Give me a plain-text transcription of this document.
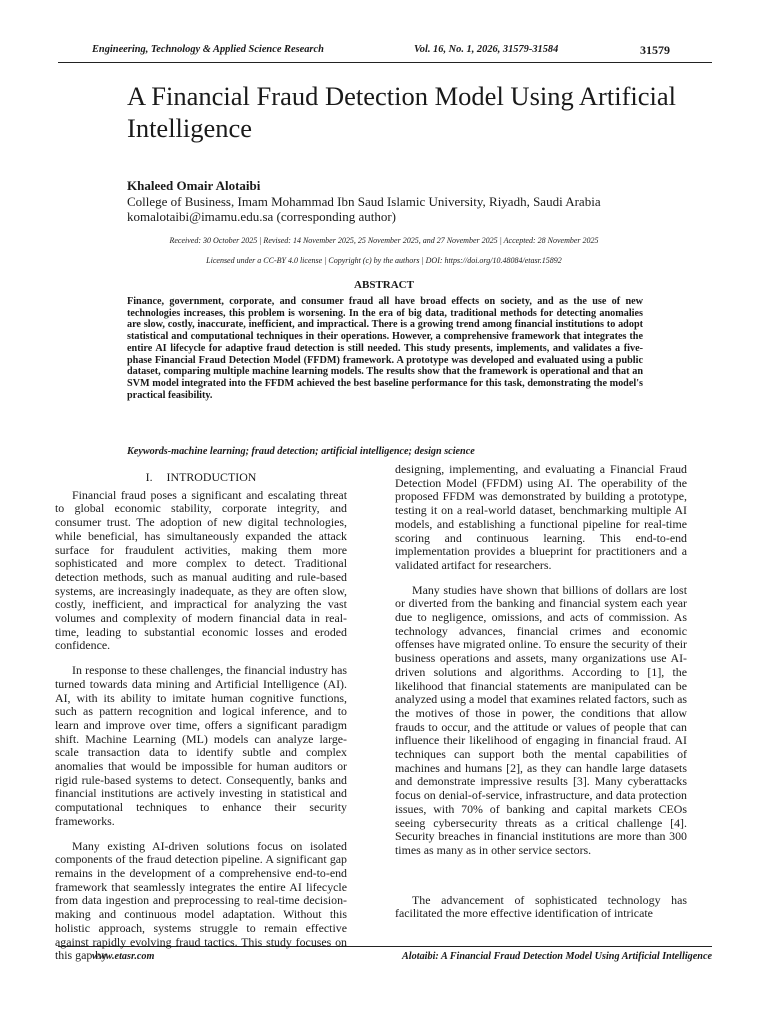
Engineering, Technology & Applied Science Research	Vol. 16, No. 1, 2026, 31579-31584	31579
A Financial Fraud Detection Model Using Artificial Intelligence
Khaleed Omair Alotaibi
College of Business, Imam Mohammad Ibn Saud Islamic University, Riyadh, Saudi Arabia
komalotaibi@imamu.edu.sa (corresponding author)
Received: 30 October 2025 | Revised: 14 November 2025, 25 November 2025, and 27 November 2025 | Accepted: 28 November 2025
Licensed under a CC-BY 4.0 license | Copyright (c) by the authors | DOI: https://doi.org/10.48084/etasr.15892
ABSTRACT

Finance, government, corporate, and consumer fraud all have broad effects on society, and as the use of new technologies increases, this problem is worsening. In the era of big data, traditional methods for detecting anomalies are slow, costly, inaccurate, inefficient, and impractical. There is a growing trend among financial institutions to adopt statistical and computational techniques in their operations. However, a comprehensive framework that integrates the entire AI lifecycle for adaptive fraud detection is still needed. This study presents, implements, and validates a five-phase Financial Fraud Detection Model (FFDM) framework. A prototype was developed and evaluated using a public dataset, comparing multiple machine learning models. The results show that the framework is operational and that an SVM model integrated into the FFDM achieved the best baseline performance for this task, demonstrating the model's practical feasibility.

Keywords-machine learning; fraud detection; artificial intelligence; design science

I. INTRODUCTION

Financial fraud poses a significant and escalating threat to global economic stability, corporate integrity, and consumer trust. The adoption of new digital technologies, while beneficial, has simultaneously expanded the attack surface for fraudulent activities, making them more sophisticated and more complex to detect. Traditional detection methods, such as manual auditing and rule-based systems, are increasingly inadequate, as they are often slow, costly, inefficient, and impractical for analyzing the vast volumes and complexity of modern financial data in real-time, leading to substantial economic losses and eroded confidence.

In response to these challenges, the financial industry has turned towards data mining and Artificial Intelligence (AI). AI, with its ability to imitate human cognitive functions, such as pattern recognition and logical inference, and to learn and improve over time, offers a significant paradigm shift. Machine Learning (ML) models can analyze large-scale transaction data to identify subtle and complex anomalies that would be impossible for human auditors or rigid rule-based systems to detect. Consequently, banks and financial institutions are actively investing in statistical and computational techniques to enhance their security frameworks.

Many existing AI-driven solutions focus on isolated components of the fraud detection pipeline. A significant gap remains in the development of a comprehensive end-to-end framework that seamlessly integrates the entire AI lifecycle from data ingestion and preprocessing to real-time decision-making and continuous model adaptation. Without this holistic approach, systems struggle to remain effective against rapidly evolving fraud tactics. This study focuses on this gap by

designing, implementing, and evaluating a Financial Fraud Detection Model (FFDM) using AI. The operability of the proposed FFDM was demonstrated by building a prototype, testing it on a real-world dataset, benchmarking multiple AI models, and establishing a functional pipeline for real-time scoring and continuous learning. This end-to-end implementation provides a blueprint for practitioners and a validated artifact for researchers.

Many studies have shown that billions of dollars are lost or diverted from the banking and financial system each year due to negligence, omissions, and acts of commission. As technology advances, financial crimes and economic offenses have migrated online. To ensure the security of their business operations and assets, many organizations use AI-driven solutions and algorithms. According to [1], the likelihood that financial statements are manipulated can be analyzed using a model that examines related factors, such as the motives of those in power, the conditions that allow frauds to occur, and the attitude or values of people that can influence their likelihood of engaging in financial fraud. AI techniques can support both the mental capabilities of machines and humans [2], as they can handle large datasets and demonstrate impressive results [3]. Many cyberattacks focus on denial-of-service, infrastructure, and data protection issues, with 70% of banking and capital markets CEOs seeing cybersecurity threats as a critical challenge [4]. Security breaches in financial institutions are more than 300 times as many as in other service sectors.

The advancement of sophisticated technology has facilitated the more effective identification of intricate

www.etasr.com	Alotaibi: A Financial Fraud Detection Model Using Artificial Intelligence
